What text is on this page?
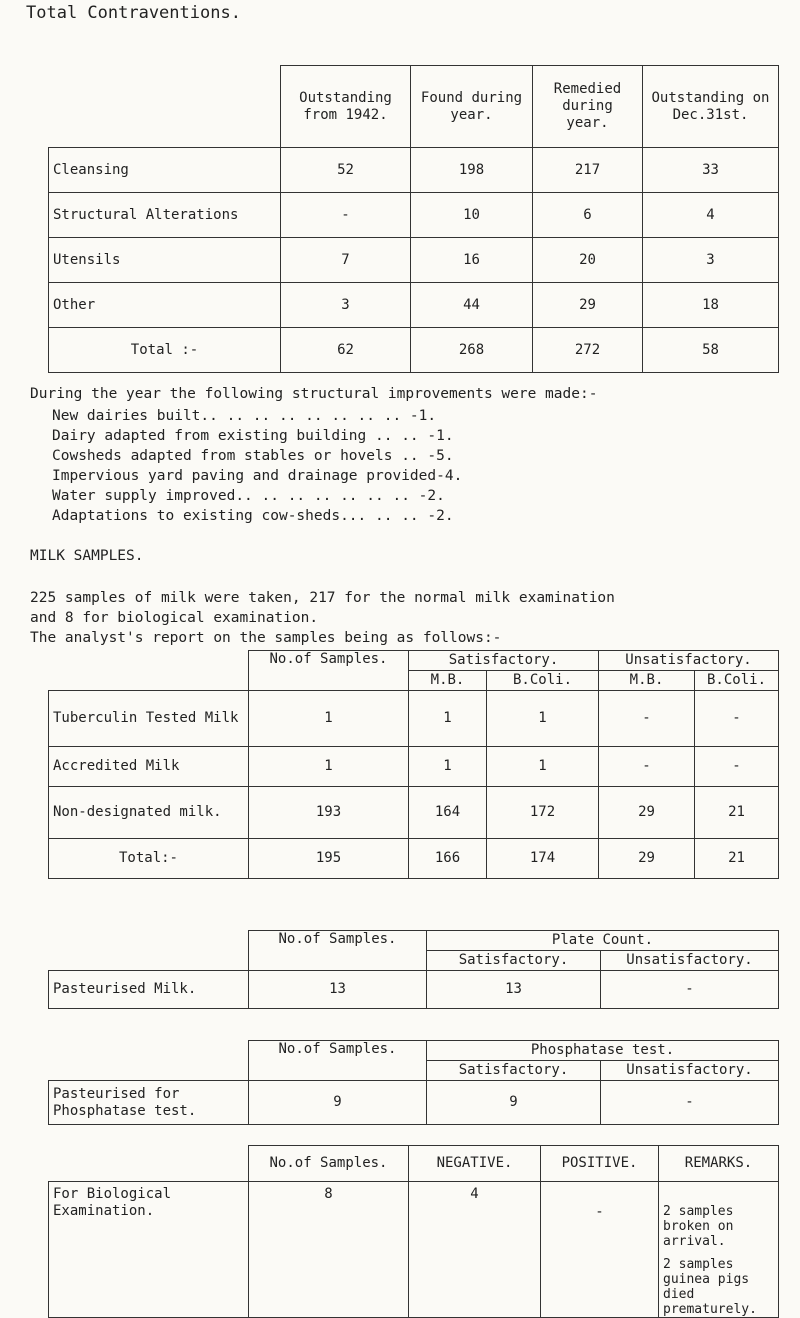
Total Contraventions.
	Outstanding from 1942.	Found during year.	Remedied during year.	Outstanding on Dec.31st.
Cleansing	52	198	217	33
Structural Alterations	-	10	6	4
Utensils	7	16	20	3
Other	3	44	29	18
Total :-	62	268	272	58
During the year the following structural improvements were made:-
New dairies built.. .. .. .. .. .. .. .. -1.
Dairy adapted from existing building .. .. -1.
Cowsheds adapted from stables or hovels .. -5.
Impervious yard paving and drainage provided-4.
Water supply improved.. .. .. .. .. .. .. -2.
Adaptations to existing cow-sheds... .. .. -2.
MILK SAMPLES.
225 samples of milk were taken, 217 for the normal milk examination
and 8 for biological examination.
The analyst's report on the samples being as follows:-
	No.of Samples.	Satisfactory.		Unsatisfactory.	
		M.B.	B.Coli.	M.B.	B.Coli.
Tuberculin Tested Milk	1	1	1	-	-
Accredited Milk	1	1	1	-	-
Non-designated milk.	193	164	172	29	21
Total:-	195	166	174	29	21
	No.of Samples.	Plate Count.	
		Satisfactory.	Unsatisfactory.
Pasteurised Milk.	13	13	-
	No.of Samples.	Phosphatase test.	
		Satisfactory.	Unsatisfactory.
Pasteurised for Phosphatase test.	9	9	-
	No.of Samples.	NEGATIVE.	POSITIVE.	REMARKS.
For Biological Examination.	8	4	-	2 samples broken on arrival.
2 samples guinea pigs died prematurely.
